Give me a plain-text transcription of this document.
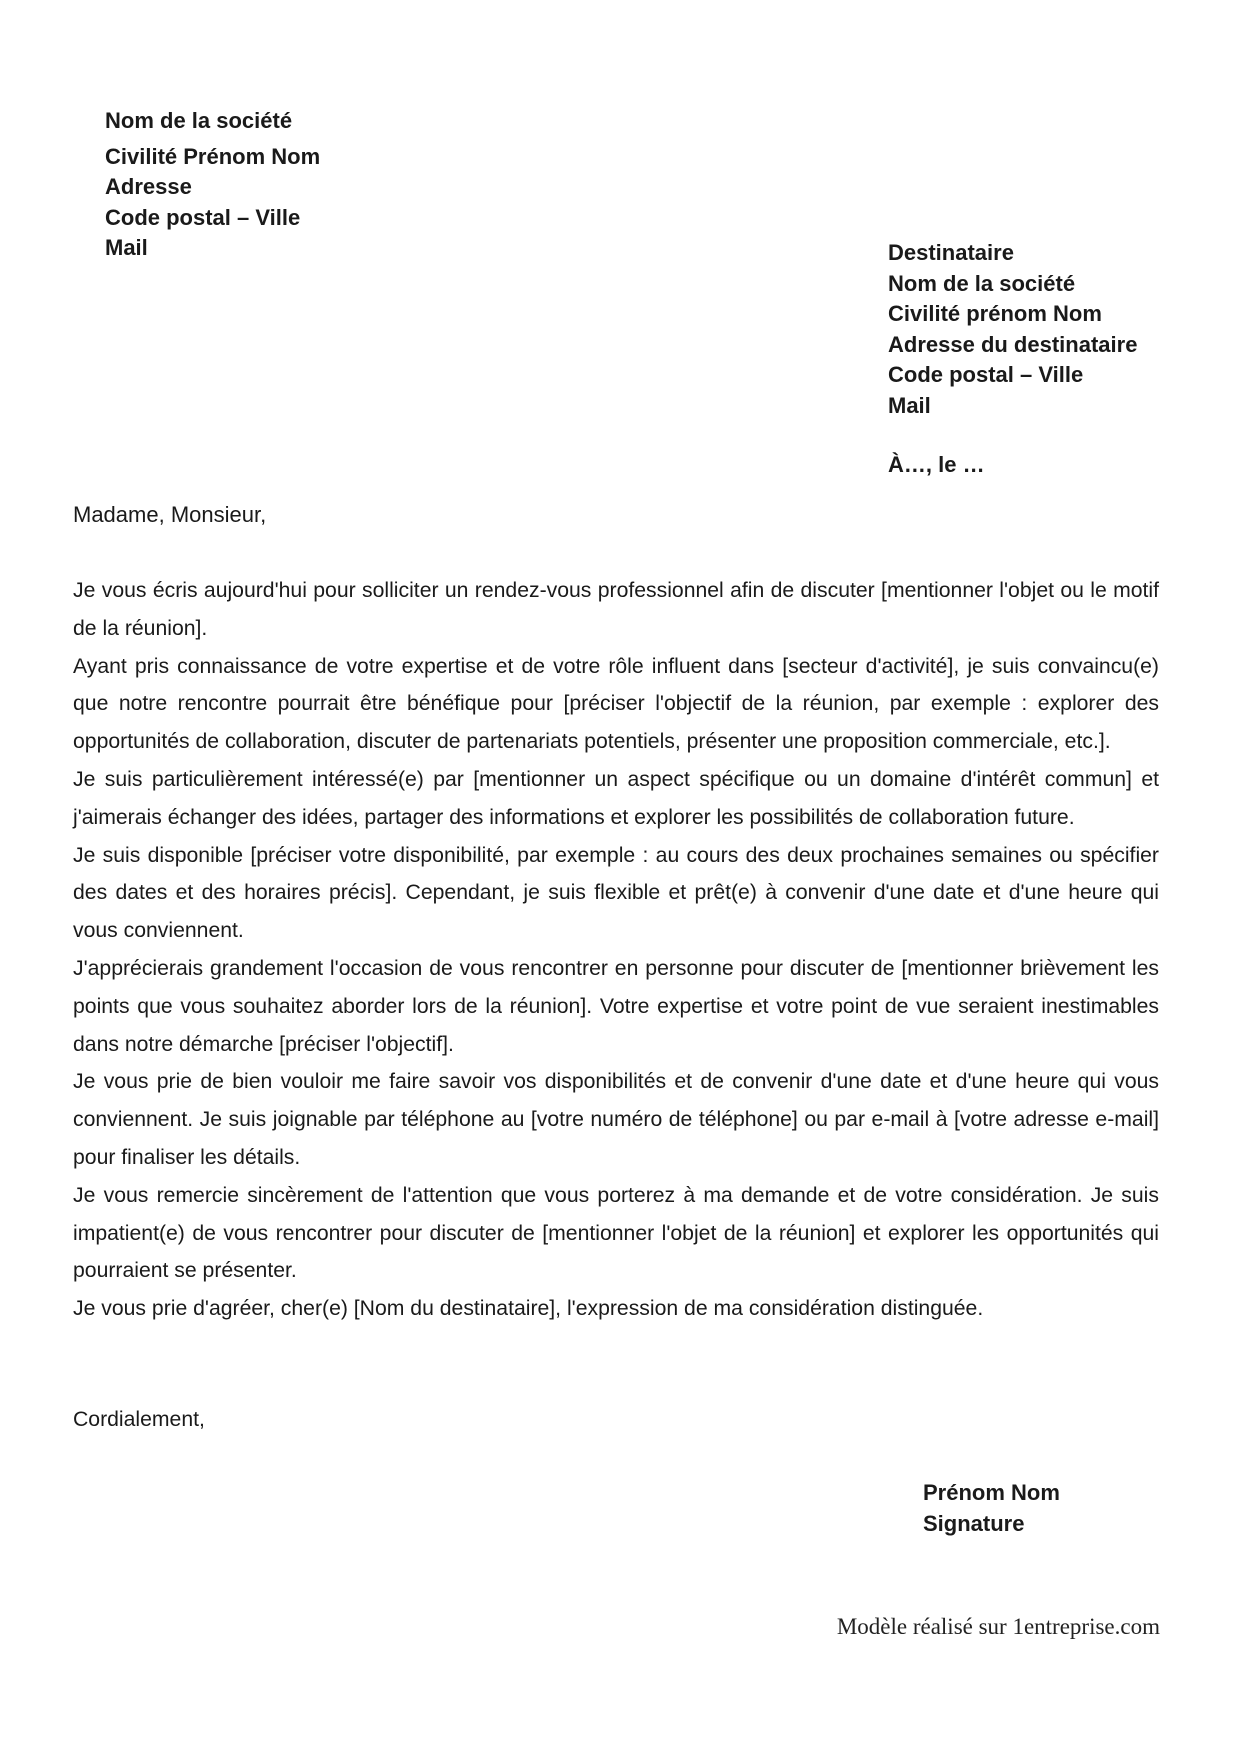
Nom de la société
Civilité Prénom Nom
Adresse
Code postal – Ville
Mail	Destinataire
Nom de la société
Civilité prénom Nom
Adresse du destinataire
Code postal – Ville
Mail
À…, le …
Madame, Monsieur,

Je vous écris aujourd'hui pour solliciter un rendez-vous professionnel afin de discuter [mentionner l'objet ou le motif de la réunion].

Ayant pris connaissance de votre expertise et de votre rôle influent dans [secteur d'activité], je suis convaincu(e) que notre rencontre pourrait être bénéfique pour [préciser l'objectif de la réunion, par exemple : explorer des opportunités de collaboration, discuter de partenariats potentiels, présenter une proposition commerciale, etc.].

Je suis particulièrement intéressé(e) par [mentionner un aspect spécifique ou un domaine d'intérêt commun] et j'aimerais échanger des idées, partager des informations et explorer les possibilités de collaboration future.

Je suis disponible [préciser votre disponibilité, par exemple : au cours des deux prochaines semaines ou spécifier des dates et des horaires précis]. Cependant, je suis flexible et prêt(e) à convenir d'une date et d'une heure qui vous conviennent.

J'apprécierais grandement l'occasion de vous rencontrer en personne pour discuter de [mentionner brièvement les points que vous souhaitez aborder lors de la réunion]. Votre expertise et votre point de vue seraient inestimables dans notre démarche [préciser l'objectif].

Je vous prie de bien vouloir me faire savoir vos disponibilités et de convenir d'une date et d'une heure qui vous conviennent. Je suis joignable par téléphone au [votre numéro de téléphone] ou par e-mail à [votre adresse e-mail] pour finaliser les détails.

Je vous remercie sincèrement de l'attention que vous porterez à ma demande et de votre considération. Je suis impatient(e) de vous rencontrer pour discuter de [mentionner l'objet de la réunion] et explorer les opportunités qui pourraient se présenter.

Je vous prie d'agréer, cher(e) [Nom du destinataire], l'expression de ma considération distinguée.

Cordialement,
Prénom Nom
Signature
Modèle réalisé sur 1entreprise.com
